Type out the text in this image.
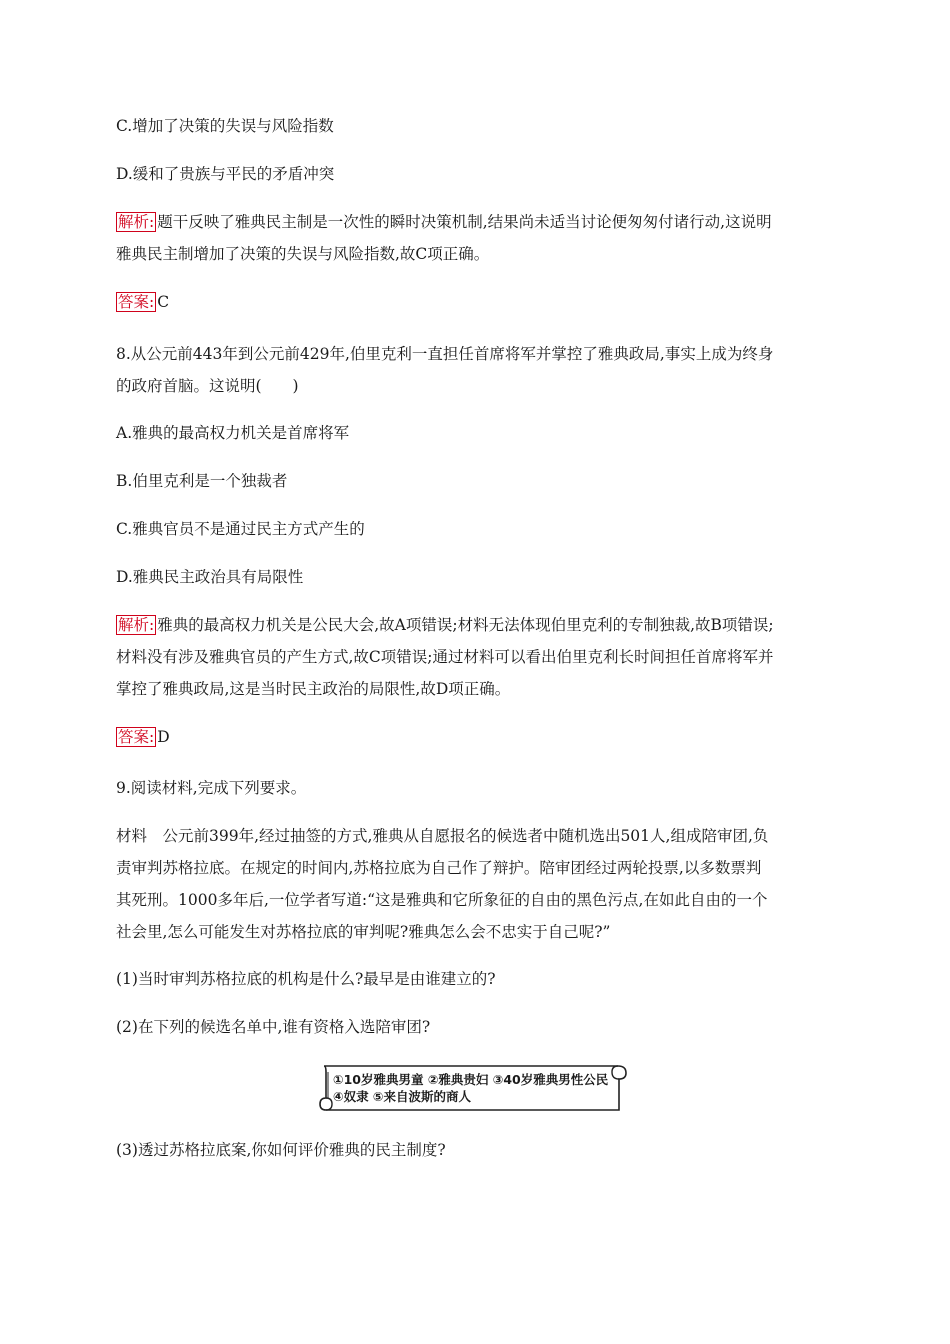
C.增加了决策的失误与风险指数
D.缓和了贵族与平民的矛盾冲突
解析: 题干反映了雅典民主制是一次性的瞬时决策机制,结果尚未适当讨论便匆匆付诸行动,这说明
雅典民主制增加了决策的失误与风险指数,故C项正确。
答案: C
8.从公元前443年到公元前429年,伯里克利一直担任首席将军并掌控了雅典政局,事实上成为终身
的政府首脑。这说明(　　)
A.雅典的最高权力机关是首席将军
B.伯里克利是一个独裁者
C.雅典官员不是通过民主方式产生的
D.雅典民主政治具有局限性
解析: 雅典的最高权力机关是公民大会,故A项错误;材料无法体现伯里克利的专制独裁,故B项错误;
材料没有涉及雅典官员的产生方式,故C项错误;通过材料可以看出伯里克利长时间担任首席将军并
掌控了雅典政局,这是当时民主政治的局限性,故D项正确。
答案: D
9.阅读材料,完成下列要求。
材料　公元前399年,经过抽签的方式,雅典从自愿报名的候选者中随机选出501人,组成陪审团,负
责审判苏格拉底。在规定的时间内,苏格拉底为自己作了辩护。陪审团经过两轮投票,以多数票判
其死刑。1000多年后,一位学者写道:“这是雅典和它所象征的自由的黑色污点,在如此自由的一个
社会里,怎么可能发生对苏格拉底的审判呢?雅典怎么会不忠实于自己呢?”
(1)当时审判苏格拉底的机构是什么?最早是由谁建立的?
(2)在下列的候选名单中,谁有资格入选陪审团?
①10岁雅典男童 ②雅典贵妇 ③40岁雅典男性公民
④奴隶 ⑤来自波斯的商人
(3)透过苏格拉底案,你如何评价雅典的民主制度?
